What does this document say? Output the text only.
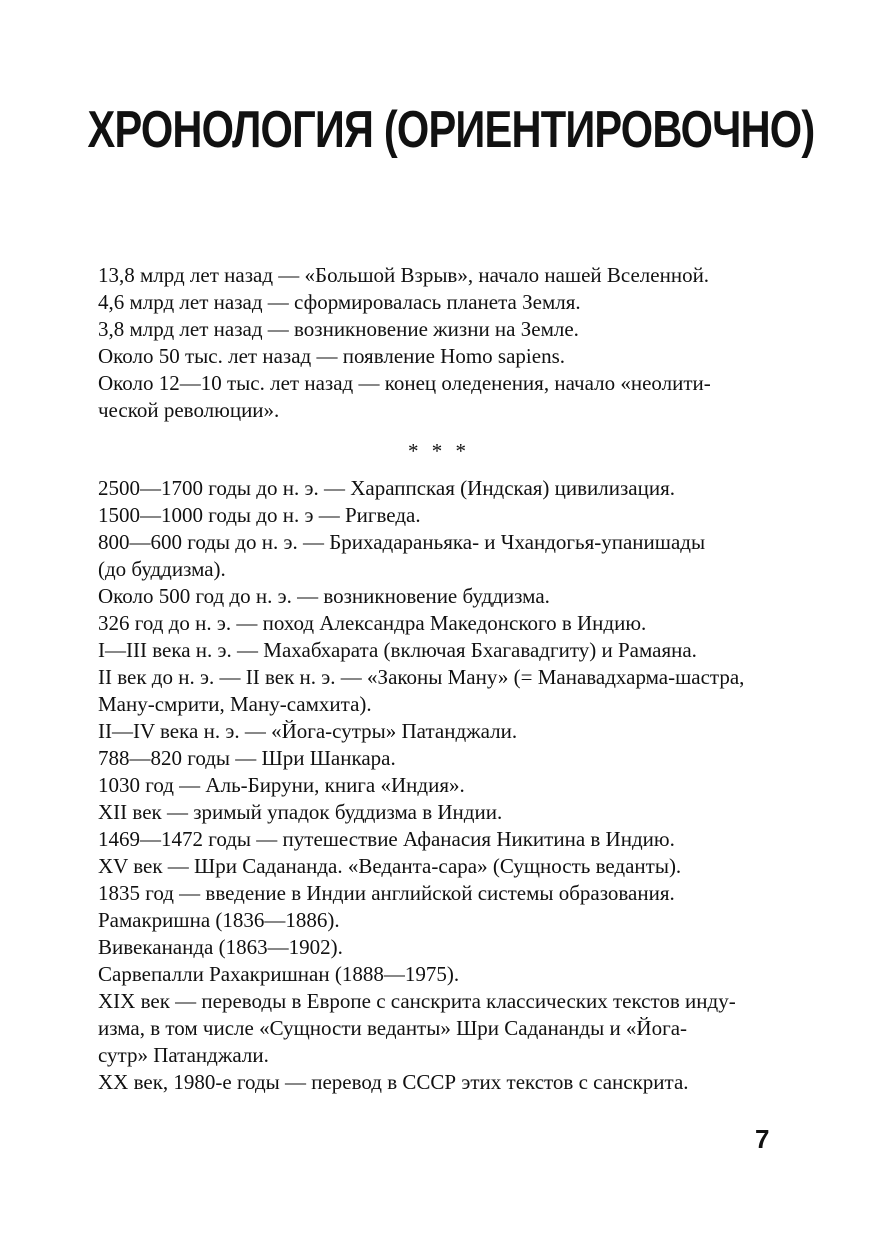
ХРОНОЛОГИЯ (ОРИЕНТИРОВОЧНО)

13,8 млрд лет назад — «Большой Взрыв», начало нашей Вселенной.

4,6 млрд лет назад — сформировалась планета Земля.

3,8 млрд лет назад — возникновение жизни на Земле.

Около 50 тыс. лет назад — появление Homo sapiens.

Около 12—10 тыс. лет назад — конец оледенения, начало «неолити-
ческой революции».

* * *

2500—1700 годы до н. э. — Хараппская (Индская) цивилизация.

1500—1000 годы до н. э — Ригведа.

800—600 годы до н. э. — Брихадараньяка- и Чхандогья-упанишады
(до буддизма).

Около 500 год до н. э. — возникновение буддизма.

326 год до н. э. — поход Александра Македонского в Индию.

I—III века н. э. — Махабхарата (включая Бхагавадгиту) и Рамаяна.

II век до н. э. — II век н. э. — «Законы Ману» (= Манавадхарма-шастра,
Ману-смрити, Ману-самхита).

II—IV века н. э. — «Йога-сутры» Патанджали.

788—820 годы — Шри Шанкара.

1030 год — Аль-Бируни, книга «Индия».

XII век — зримый упадок буддизма в Индии.

1469—1472 годы — путешествие Афанасия Никитина в Индию.

XV век — Шри Садананда. «Веданта-сара» (Сущность веданты).

1835 год — введение в Индии английской системы образования.

Рамакришна (1836—1886).

Вивекананда (1863—1902).

Сарвепалли Рахакришнан (1888—1975).

XIX век — переводы в Европе с санскрита классических текстов инду-
изма, в том числе «Сущности веданты» Шри Садананды и «Йога-
сутр» Патанджали.

XX век, 1980-е годы — перевод в СССР этих текстов с санскрита.

7
